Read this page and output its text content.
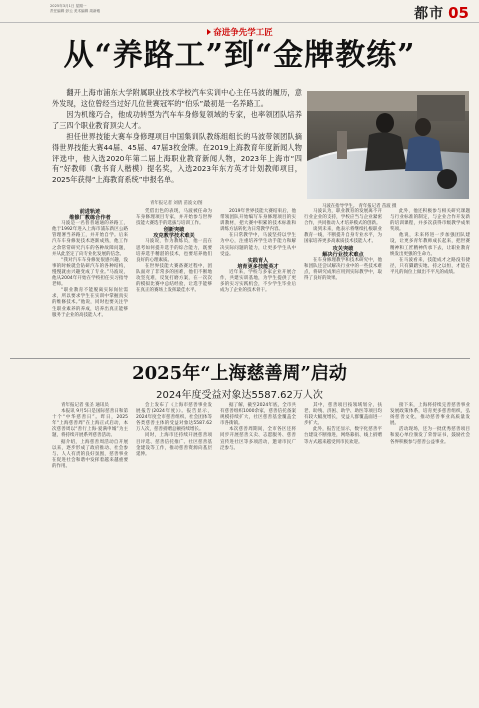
2025年3月1日 星期一
责任编辑 彭云 美术编辑 周新雅	都市 05
奋进争先学工匠
从“养路工”到“金牌教练”

翻开上海市浦东大学附属职业技术学校汽车实训中心主任马波的履历，意外发现，这位曾经当过好几位世赛冠军的“伯乐”最初是一名养路工。

因为机缘巧合，他成功转型为汽车车身修复领域的专家，也率领团队培养了三四个职业教育顶尖人才。

担任世界技能大赛车身修理项目中国集训队教练组组长的马波带领团队摘得世界技能大赛44届、45届、47届3枚金牌。在2019上海教育年度新闻人物评选中，他入选2020年第二届上海职业教育新闻人物，2023年上海市“四有”好教师（教书育人楷模）提名奖，入选2023年东方英才计划教师项目，2025年获得“上海教育系统”申报名单。

青年报记者 刘倩 苗波文/图
马波在指导学生。 青年报记者 苗波 摄

前进轨迹

维修厂教练合作者

马波是一名普普通通的养路工，他于1992年进入上海市浦东新区公路管理署当养路工，并开始自学。后来汽车车身修复技术逐渐成熟，他工作之余常常研究汽车的各种故障问题，并从此坚定了向专业化发展的信念。

“我对汽车车身修复很感兴趣，没事的时候就会钻研汽车的各种结构，慢慢就由兴趣变成了专业。”马波说，他从2004年开始在学校担任实习指导老师。

“职业教育不能脱离实际岗位需求，所以要求学生在实训中掌握真实的维修技术。”他说，同时也要关注学生职业素养的养成，培养出真正能够服务于企业的高技能人才。

凭借出色的表现，马波被任命为车身修理项目专家，并开始参与世界技能大赛选手的选拔与培训工作。

创新突破

攻克教学技术难关

马波说，作为教练员，他一直在思考如何提升选手的综合能力，既要培养选手精湛的技术，也要培养他们良好的心理素质。

在世界技能大赛备赛过程中，团队面对了非常多的困难，他们不断地攻坚克难，反复打磨方案，在一次次的模拟比赛中总结经验，让选手能够在真正的赛场上发挥最佳水平。

2019年世界技能大赛结束后，他带领团队开始编写车身修理项目的实训教材，把大赛中积累的技术标准和训练方法转化为日常教学内容。

在日常教学中，马波坚持以学生为中心，注重培养学生动手能力和解决实际问题的能力，让更多学生从中受益。

实践育人

培育更多技能英才

近年来，学校与多家企业开展合作，共建实训基地，为学生提供了更多的实习实践机会，不少学生毕业后成为了企业的技术骨干。

马波认为，职业教育的发展离不开行业企业的支持，学校应当与企业紧密合作，共同推动人才培养模式的创新。

谈到未来，他表示将继续扎根职业教育一线，不断提升自身专业水平，为国家培养更多高素质技术技能人才。

攻关突破

解决行业技术难点

在车身修理教学和技术研究中，他和团队还尝试解决行业中的一些技术难点，将研究成果应用到实际教学中，取得了良好的效果。

此外，他还积极参与相关研究课题与行业标准的制定，与企业合作开发新的培训课程，并多次获得市级教学成果奖项。

他说，未来将进一步加强团队建设，让更多青年教师成长起来，把世赛精神和工匠精神传承下去，让职业教育焕发出更强的生命力。

在马波看来，技能成才之路没有捷径，只有脚踏实地、持之以恒，才能在平凡的岗位上做出不平凡的成绩。

2025年“上海慈善周”启动
2024年度受益对象达5587.62万人次

青年报记者 张圣 通讯员

本报讯 9月5日是国际慈善日和第十个“中华慈善日”。昨日，2025年“上海慈善周”在上海正式启动，本次慈善周以“善行上海·爱满申城”为主题，将持续开展系列慈善活动。

据介绍，上海慈善周活动自开展以来，逐步形成了政府推动、社会参与、人人有责的良好氛围，慈善事业在促进社会和谐中发挥着越来越重要的作用。

会上发布了《上海市慈善事业发展报告(2024年度)》。报告显示，2024年度全市慈善组织、社会团体等各类慈善主体的受益对象达5587.62万人次，慈善捐赠总额持续增长。

同时，上海市还持续开展慈善项目评选、慈善信托推广、社区慈善基金建设等工作，推动慈善资源向基层延伸。

据了解，截至2024年底，全市共有慈善组织1000余家，慈善信托备案规模持续扩大，社区慈善基金覆盖全市各街镇。

本次慈善周期间，全市各区还将同步开展慈善义卖、志愿服务、慈善宣传进社区等多项活动，邀请市民广泛参与。

其中，慈善项目按领域划分，扶老、助残、济困、助学、助医等项目均有较大幅度增长，受益人群覆盖面进一步扩大。

此外，报告还显示，数字化慈善平台建设不断推进，网络募捐、线上捐赠等方式越来越受到市民欢迎。

接下来，上海将持续完善慈善事业发展政策体系，培育更多慈善组织，弘扬慈善文化，推动慈善事业高质量发展。

活动现场，还为一批优秀慈善项目和爱心单位颁发了荣誉证书，鼓励社会各界积极参与慈善公益事业。
